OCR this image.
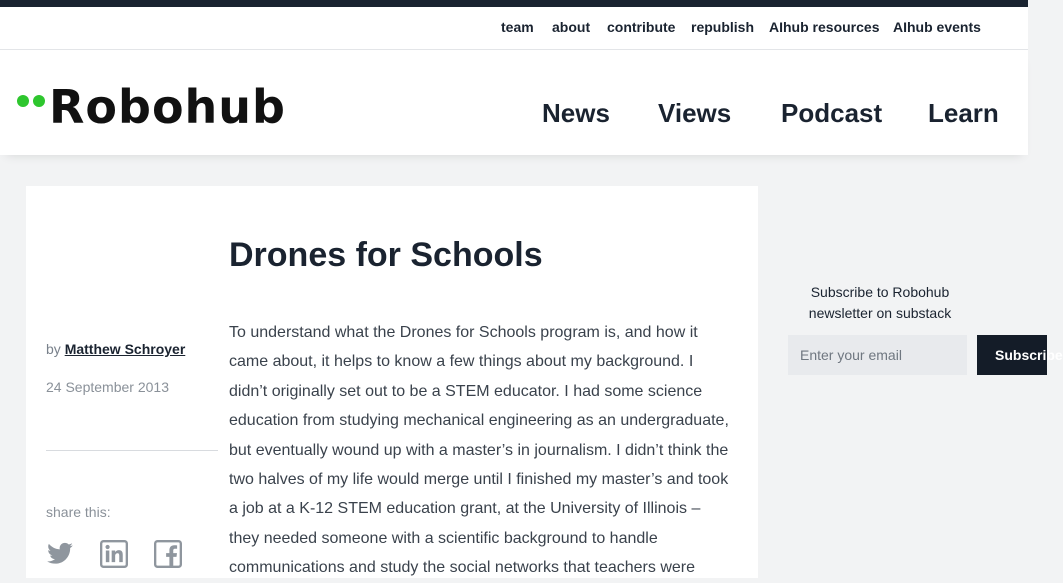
team about contribute republish AIhub resources AIhub events
Robohub	News Views Podcast Learn
Drones for Schools
by Matthew Schroyer
24 September 2013
share this:

To understand what the Drones for Schools program is, and how it came about, it helps to know a few things about my background. I didn’t originally set out to be a STEM educator. I had some science education from studying mechanical engineering as an undergraduate, but eventually wound up with a master’s in journalism. I didn’t think the two halves of my life would merge until I finished my master’s and took a job at a K-12 STEM education grant, at the University of Illinois – they needed someone with a scientific background to handle communications and study the social networks that teachers were

Subscribe to Robohub newsletter on substack

Enter your email
Subscribe
